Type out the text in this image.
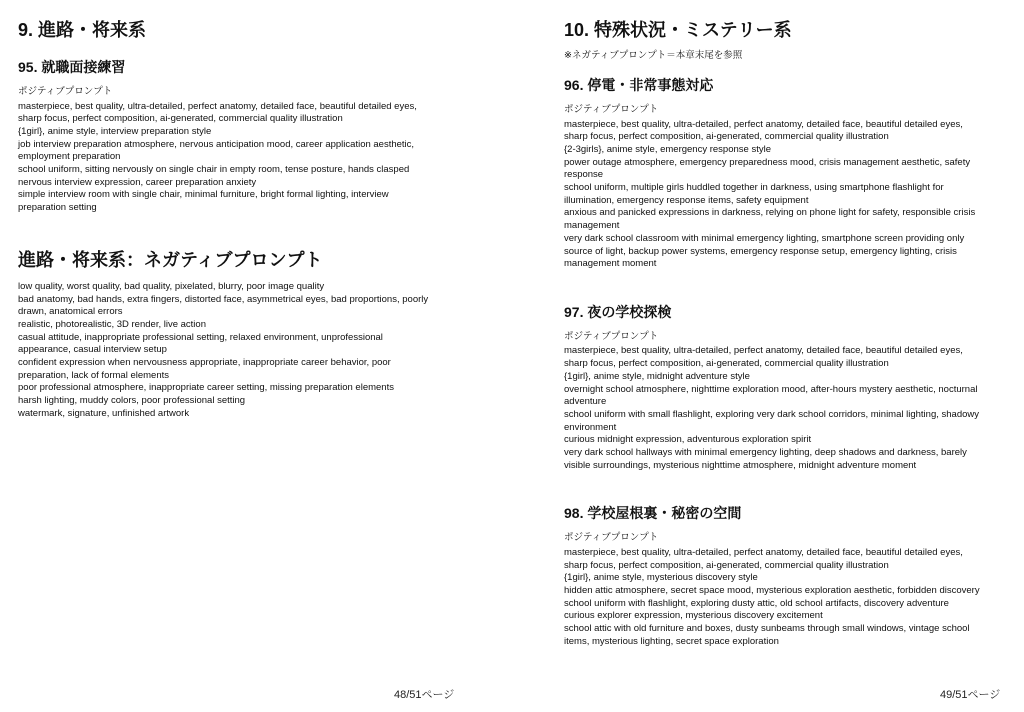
9. 進路・将来系
95. 就職面接練習
ポジティブプロンプト

masterpiece, best quality, ultra-detailed, perfect anatomy, detailed face, beautiful detailed eyes,

sharp focus, perfect composition, ai-generated, commercial quality illustration

{1girl}, anime style, interview preparation style

job interview preparation atmosphere, nervous anticipation mood, career application aesthetic,

employment preparation

school uniform, sitting nervously on single chair in empty room, tense posture, hands clasped

nervous interview expression, career preparation anxiety

simple interview room with single chair, minimal furniture, bright formal lighting, interview

preparation setting

進路・将来系：ネガティブプロンプト

low quality, worst quality, bad quality, pixelated, blurry, poor image quality

bad anatomy, bad hands, extra fingers, distorted face, asymmetrical eyes, bad proportions, poorly

drawn, anatomical errors

realistic, photorealistic, 3D render, live action

casual attitude, inappropriate professional setting, relaxed environment, unprofessional

appearance, casual interview setup

confident expression when nervousness appropriate, inappropriate career behavior, poor

preparation, lack of formal elements

poor professional atmosphere, inappropriate career setting, missing preparation elements

harsh lighting, muddy colors, poor professional setting

watermark, signature, unfinished artwork

48/51ページ
10. 特殊状況・ミステリー系
※ネガティブプロンプト＝本章末尾を参照
96. 停電・非常事態対応
ポジティブプロンプト

masterpiece, best quality, ultra-detailed, perfect anatomy, detailed face, beautiful detailed eyes,

sharp focus, perfect composition, ai-generated, commercial quality illustration

{2-3girls}, anime style, emergency response style

power outage atmosphere, emergency preparedness mood, crisis management aesthetic, safety

response

school uniform, multiple girls huddled together in darkness, using smartphone flashlight for

illumination, emergency response items, safety equipment

anxious and panicked expressions in darkness, relying on phone light for safety, responsible crisis

management

very dark school classroom with minimal emergency lighting, smartphone screen providing only

source of light, backup power systems, emergency response setup, emergency lighting, crisis

management moment

97. 夜の学校探検
ポジティブプロンプト

masterpiece, best quality, ultra-detailed, perfect anatomy, detailed face, beautiful detailed eyes,

sharp focus, perfect composition, ai-generated, commercial quality illustration

{1girl}, anime style, midnight adventure style

overnight school atmosphere, nighttime exploration mood, after-hours mystery aesthetic, nocturnal

adventure

school uniform with small flashlight, exploring very dark school corridors, minimal lighting, shadowy

environment

curious midnight expression, adventurous exploration spirit

very dark school hallways with minimal emergency lighting, deep shadows and darkness, barely

visible surroundings, mysterious nighttime atmosphere, midnight adventure moment

98. 学校屋根裏・秘密の空間
ポジティブプロンプト

masterpiece, best quality, ultra-detailed, perfect anatomy, detailed face, beautiful detailed eyes,

sharp focus, perfect composition, ai-generated, commercial quality illustration

{1girl}, anime style, mysterious discovery style

hidden attic atmosphere, secret space mood, mysterious exploration aesthetic, forbidden discovery

school uniform with flashlight, exploring dusty attic, old school artifacts, discovery adventure

curious explorer expression, mysterious discovery excitement

school attic with old furniture and boxes, dusty sunbeams through small windows, vintage school

items, mysterious lighting, secret space exploration

49/51ページ
